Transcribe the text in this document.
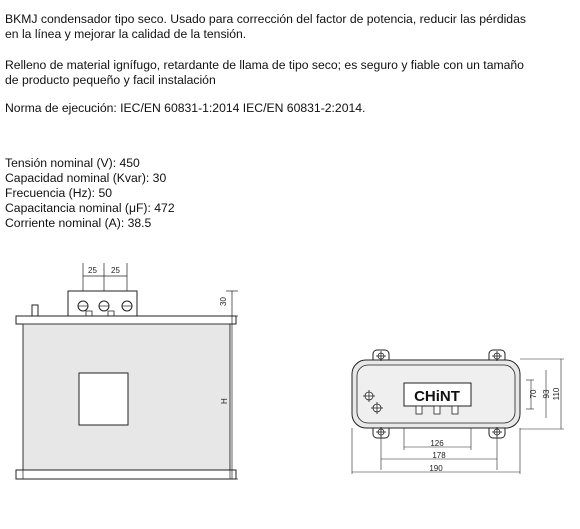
BKMJ condensador tipo seco. Usado para corrección del factor de potencia, reducir las pérdidas

en la línea y mejorar la calidad de la tensión.

Relleno de material ignífugo, retardante de llama de tipo seco; es seguro y fiable con un tamaño

de producto pequeño y facil instalación

Norma de ejecución: IEC/EN 60831-1:2014 IEC/EN 60831-2:2014.

Tensión nominal (V): 450
Capacidad nominal (Kvar): 30
Frecuencia (Hz): 50
Capacitancia nominal (μF): 472
Corriente nominal (A): 38.5
25 25
30
H	CHiNT
126
178
190
70 93 110
